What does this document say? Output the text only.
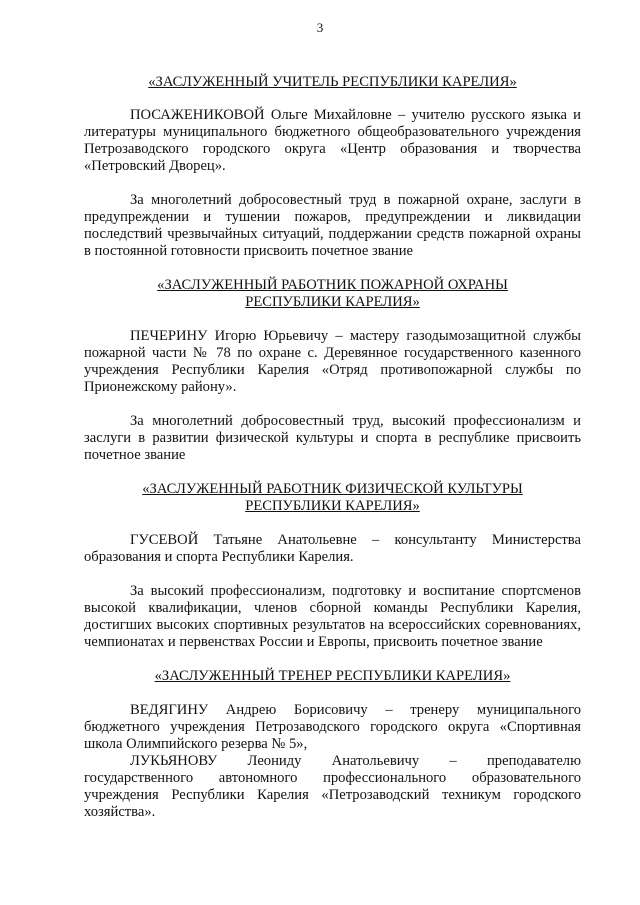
3

«ЗАСЛУЖЕННЫЙ УЧИТЕЛЬ РЕСПУБЛИКИ КАРЕЛИЯ»

ПОСАЖЕНИКОВОЙ Ольге Михайловне – учителю русского языка и литературы муниципального бюджетного общеобразовательного учреждения Петрозаводского городского округа «Центр образования и творчества «Петровский Дворец».

За многолетний добросовестный труд в пожарной охране, заслуги в предупреждении и тушении пожаров, предупреждении и ликвидации последствий чрезвычайных ситуаций, поддержании средств пожарной охраны в постоянной готовности присвоить почетное звание

«ЗАСЛУЖЕННЫЙ РАБОТНИК ПОЖАРНОЙ ОХРАНЫ РЕСПУБЛИКИ КАРЕЛИЯ»

ПЕЧЕРИНУ Игорю Юрьевичу – мастеру газодымозащитной службы пожарной части № 78 по охране с. Деревянное государственного казенного учреждения Республики Карелия «Отряд противопожарной службы по Прионежскому району».

За многолетний добросовестный труд, высокий профессионализм и заслуги в развитии физической культуры и спорта в республике присвоить почетное звание

«ЗАСЛУЖЕННЫЙ РАБОТНИК ФИЗИЧЕСКОЙ КУЛЬТУРЫ РЕСПУБЛИКИ КАРЕЛИЯ»

ГУСЕВОЙ Татьяне Анатольевне – консультанту Министерства образования и спорта Республики Карелия.

За высокий профессионализм, подготовку и воспитание спортсменов высокой квалификации, членов сборной команды Республики Карелия, достигших высоких спортивных результатов на всероссийских соревнованиях, чемпионатах и первенствах России и Европы, присвоить почетное звание

«ЗАСЛУЖЕННЫЙ ТРЕНЕР РЕСПУБЛИКИ КАРЕЛИЯ»

ВЕДЯГИНУ Андрею Борисовичу – тренеру муниципального бюджетного учреждения Петрозаводского городского округа «Спортивная школа Олимпийского резерва № 5»,

ЛУКЬЯНОВУ Леониду Анатольевичу – преподавателю государственного автономного профессионального образовательного учреждения Республики Карелия «Петрозаводский техникум городского хозяйства».
